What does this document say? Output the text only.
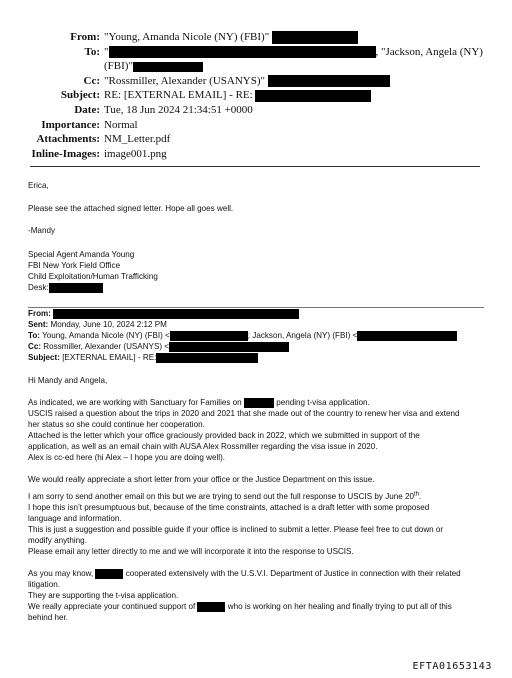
From: "Young, Amanda Nicole (NY) (FBI)"
To: "	, "Jackson, Angela (NY)
(FBI)"
Cc: "Rossmiller, Alexander (USANYS)"
Subject: RE: [EXTERNAL EMAIL] - RE:
Date: Tue, 18 Jun 2024 21:34:51 +0000
Importance: Normal
Attachments: NM_Letter.pdf
Inline-Images: image001.png
Erica,
Please see the attached signed letter. Hope all goes well.
-Mandy
Special Agent Amanda Young
FBI New York Field Office
Child Exploitation/Human Trafficking
Desk:
From:
Sent: Monday, June 10, 2024 2:12 PM
To: Young, Amanda Nicole (NY) (FBI) <	; Jackson, Angela (NY) (FBI) <
Cc: Rossmiller, Alexander (USANYS) <
Subject: [EXTERNAL EMAIL] - RE:
Hi Mandy and Angela,
As indicated, we are working with Sanctuary for Families on	pending t-visa application.
USCIS raised a question about the trips in 2020 and 2021 that she made out of the country to renew her visa and extend
her status so she could continue her cooperation.
Attached is the letter which your office graciously provided back in 2022, which we submitted in support of the
application, as well as an email chain with AUSA Alex Rossmiller regarding the visa issue in 2020.
Alex is cc-ed here (hi Alex – I hope you are doing well).
We would really appreciate a short letter from your office or the Justice Department on this issue.
I am sorry to send another email on this but we are trying to send out the full response to USCIS by June 20th.
I hope this isn’t presumptuous but, because of the time constraints, attached is a draft letter with some proposed
language and information.
This is just a suggestion and possible guide if your office is inclined to submit a letter. Please feel free to cut down or
modify anything.
Please email any letter directly to me and we will incorporate it into the response to USCIS.
As you may know,	cooperated extensively with the U.S.V.I. Department of Justice in connection with their related
litigation.
They are supporting the t-visa application.
We really appreciate your continued support of	who is working on her healing and finally trying to put all of this
behind her.
EFTA01653143
